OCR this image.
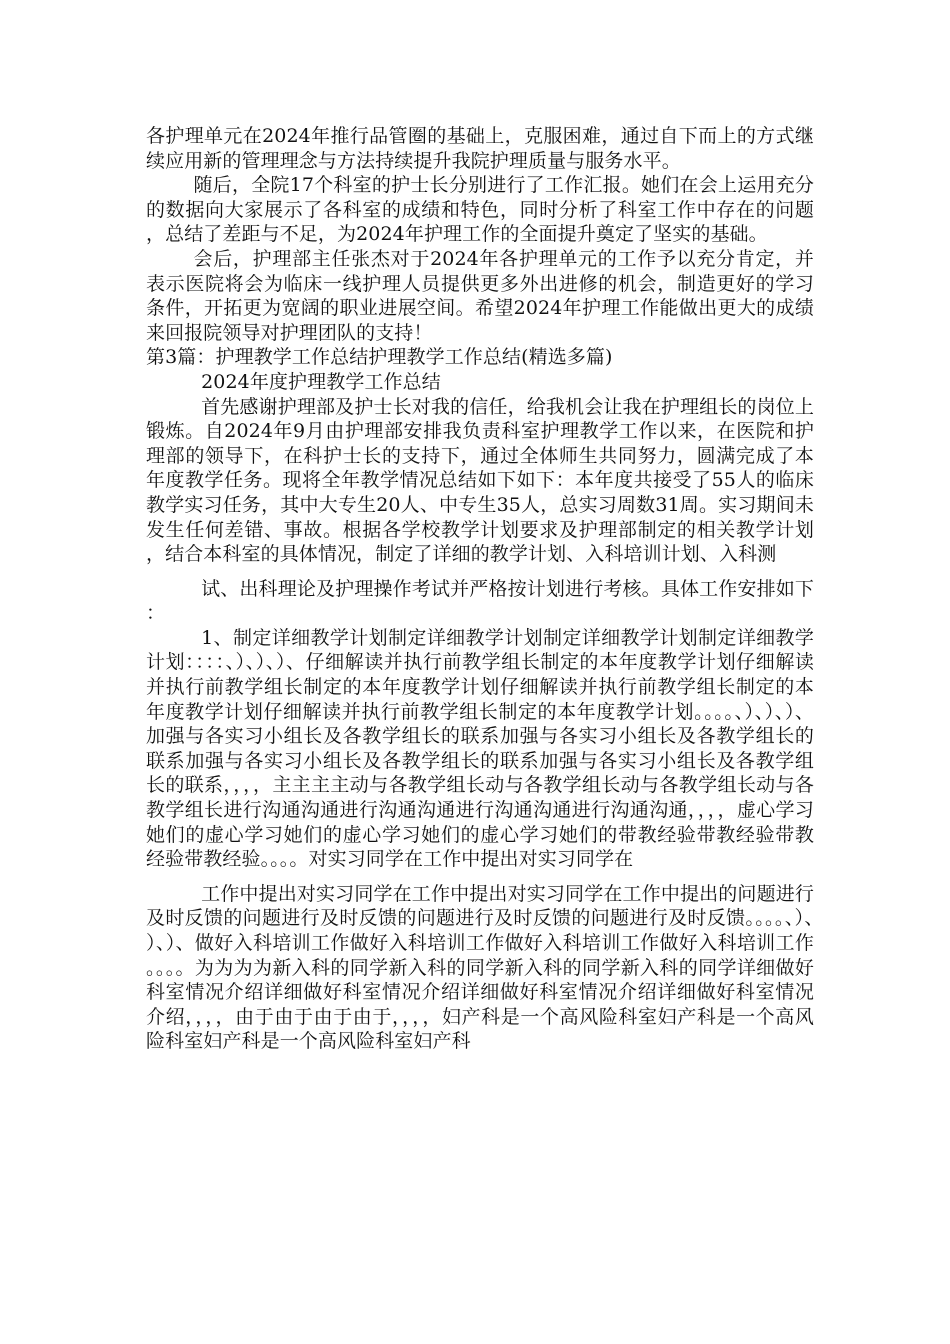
各护理单元在2024年推行品管圈的基础上，克服困难，通过自下而上的方式继续应用新的管理理念与方法持续提升我院护理质量与服务水平。

随后，全院17个科室的护士长分别进行了工作汇报。她们在会上运用充分的数据向大家展示了各科室的成绩和特色，同时分析了科室工作中存在的问题，总结了差距与不足，为2024年护理工作的全面提升奠定了坚实的基础。

会后，护理部主任张杰对于2024年各护理单元的工作予以充分肯定，并表示医院将会为临床一线护理人员提供更多外出进修的机会，制造更好的学习条件，开拓更为宽阔的职业进展空间。希望2024年护理工作能做出更大的成绩来回报院领导对护理团队的支持！

第3篇：护理教学工作总结护理教学工作总结(精选多篇)

2024年度护理教学工作总结

首先感谢护理部及护士长对我的信任，给我机会让我在护理组长的岗位上锻炼。自2024年9月由护理部安排我负责科室护理教学工作以来，在医院和护理部的领导下，在科护士长的支持下，通过全体师生共同努力，圆满完成了本年度教学任务。现将全年教学情况总结如下如下：本年度共接受了55人的临床教学实习任务，其中大专生20人、中专生35人，总实习周数31周。实习期间未发生任何差错、事故。根据各学校教学计划要求及护理部制定的相关教学计划，结合本科室的具体情况，制定了详细的教学计划、入科培训计划、入科测

试、出科理论及护理操作考试并严格按计划进行考核。具体工作安排如下：

1、制定详细教学计划制定详细教学计划制定详细教学计划制定详细教学计划：：：：、）、）、）、仔细解读并执行前教学组长制定的本年度教学计划仔细解读并执行前教学组长制定的本年度教学计划仔细解读并执行前教学组长制定的本年度教学计划仔细解读并执行前教学组长制定的本年度教学计划。。。。、）、）、）、加强与各实习小组长及各教学组长的联系加强与各实习小组长及各教学组长的联系加强与各实习小组长及各教学组长的联系加强与各实习小组长及各教学组长的联系，，，，主主主主动与各教学组长动与各教学组长动与各教学组长动与各教学组长进行沟通沟通进行沟通沟通进行沟通沟通进行沟通沟通，，，，虚心学习她们的虚心学习她们的虚心学习她们的虚心学习她们的带教经验带教经验带教经验带教经验。。。。对实习同学在工作中提出对实习同学在

工作中提出对实习同学在工作中提出对实习同学在工作中提出的问题进行及时反馈的问题进行及时反馈的问题进行及时反馈的问题进行及时反馈。。。。、）、）、）、做好入科培训工作做好入科培训工作做好入科培训工作做好入科培训工作。。。。为为为为新入科的同学新入科的同学新入科的同学新入科的同学详细做好科室情况介绍详细做好科室情况介绍详细做好科室情况介绍详细做好科室情况介绍，，，，由于由于由于由于，，，，妇产科是一个高风险科室妇产科是一个高风险科室妇产科是一个高风险科室妇产科
